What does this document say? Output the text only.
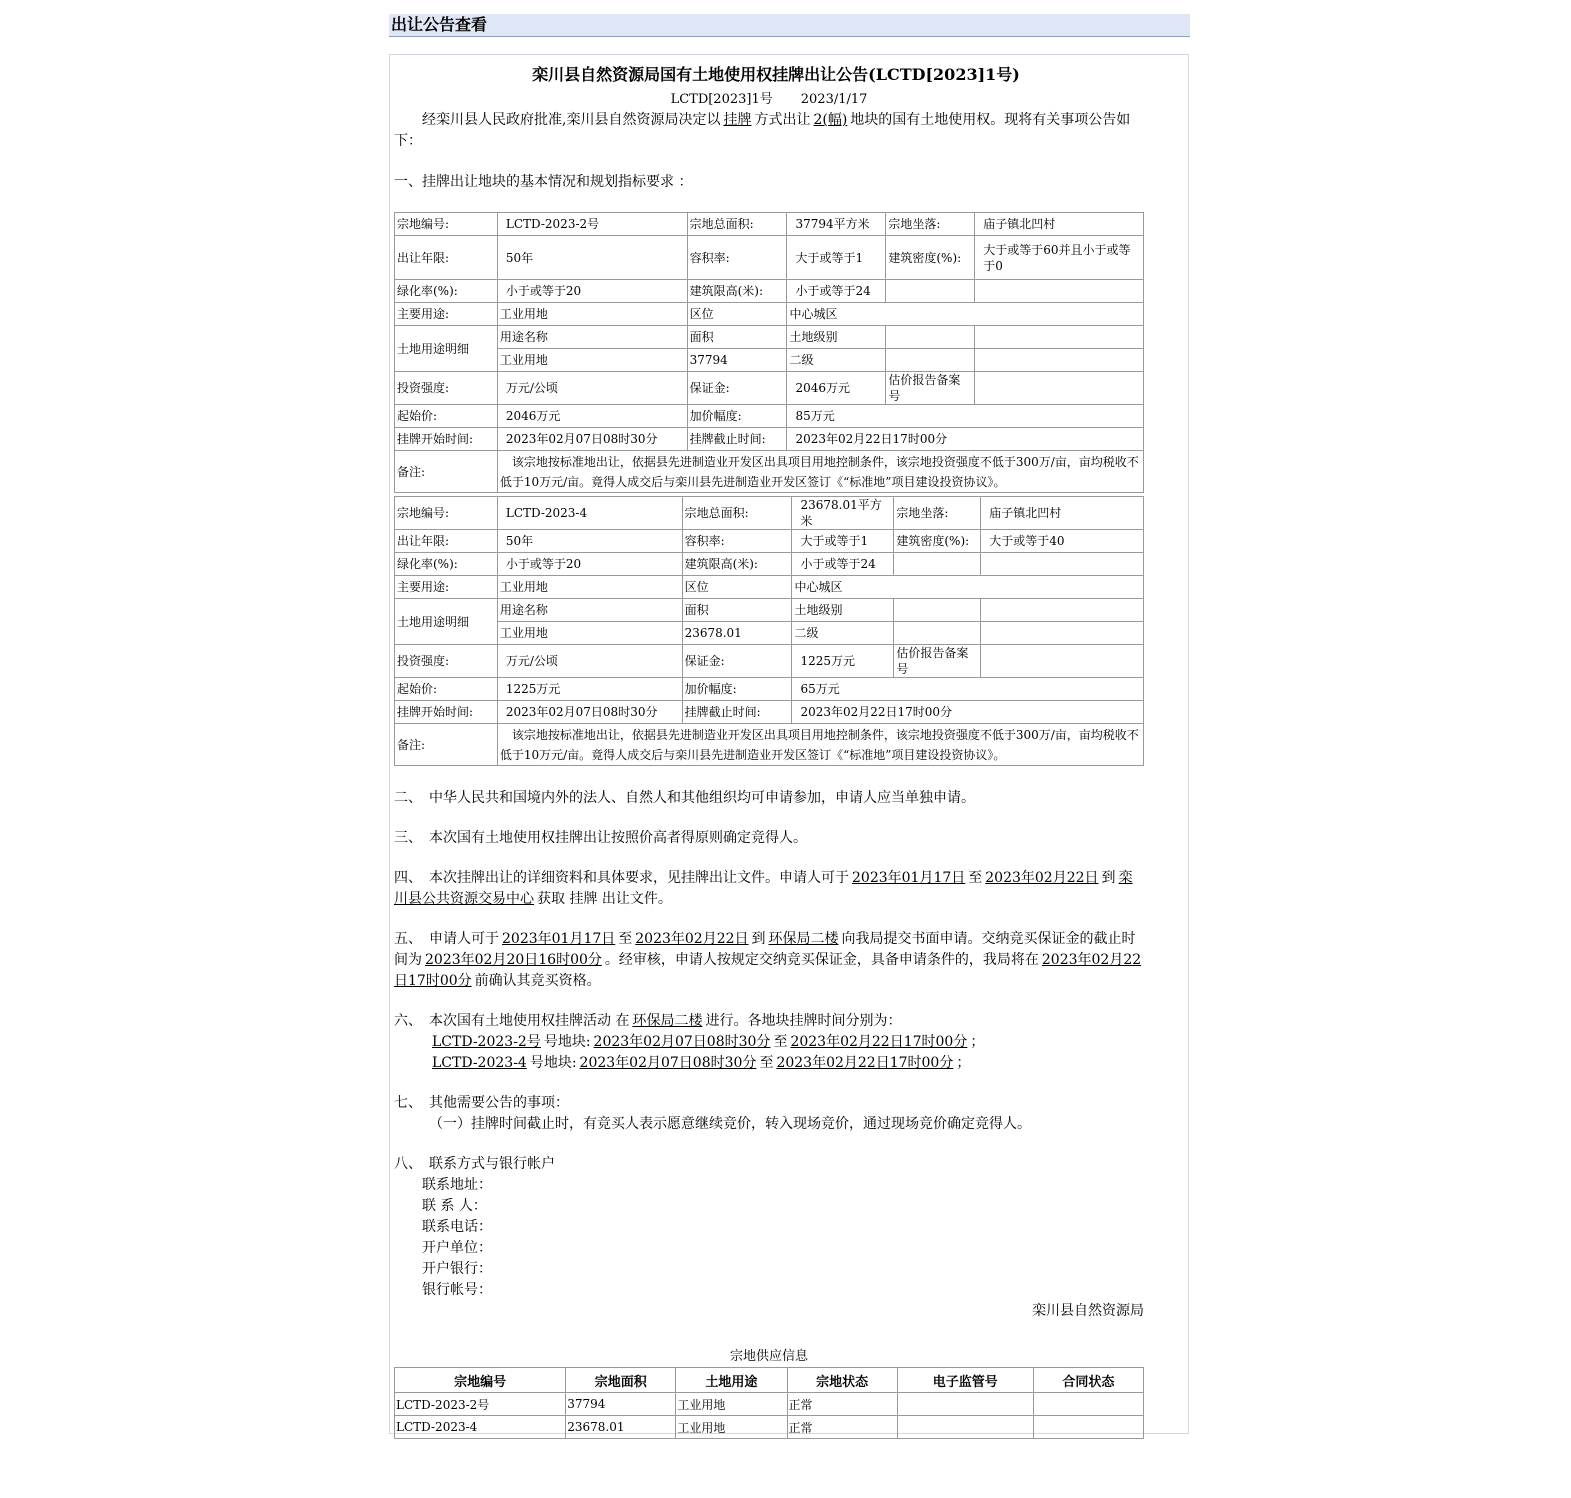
出让公告查看
栾川县自然资源局国有土地使用权挂牌出让公告(LCTD[2023]1号)
LCTD[2023]1号 2023/1/17

经栾川县人民政府批准,栾川县自然资源局决定以 挂牌 方式出让 2(幅) 地块的国有土地使用权。现将有关事项公告如下：

一、挂牌出让地块的基本情况和规划指标要求 ：

宗地编号:	LCTD-2023-2号	宗地总面积:	37794平方米	宗地坐落:	庙子镇北凹村
出让年限:	50年	容积率:	大于或等于1	建筑密度(%):	大于或等于60并且小于或等于0
绿化率(%):	小于或等于20	建筑限高(米):	小于或等于24		
主要用途:	工业用地	区位	中心城区		
土地用途明细	用途名称	面积	土地级别		
	工业用地	37794	二级		
投资强度:	万元/公顷	保证金:	2046万元	估价报告备案号	
起始价:	2046万元	加价幅度:	85万元		
挂牌开始时间:	2023年02月07日08时30分	挂牌截止时间:	2023年02月22日17时00分		
备注:	该宗地按标准地出让，依据县先进制造业开发区出具项目用地控制条件，该宗地投资强度不低于300万/亩，亩均税收不低于10万元/亩。竟得人成交后与栾川县先进制造业开发区签订《“标准地”项目建设投资协议》。				
宗地编号:	LCTD-2023-4	宗地总面积:	23678.01平方米	宗地坐落:	庙子镇北凹村
出让年限:	50年	容积率:	大于或等于1	建筑密度(%):	大于或等于40
绿化率(%):	小于或等于20	建筑限高(米):	小于或等于24		
主要用途:	工业用地	区位	中心城区		
土地用途明细	用途名称	面积	土地级别		
	工业用地	23678.01	二级		
投资强度:	万元/公顷	保证金:	1225万元	估价报告备案号	
起始价:	1225万元	加价幅度:	65万元		
挂牌开始时间:	2023年02月07日08时30分	挂牌截止时间:	2023年02月22日17时00分		
备注:	该宗地按标准地出让，依据县先进制造业开发区出具项目用地控制条件，该宗地投资强度不低于300万/亩，亩均税收不低于10万元/亩。竟得人成交后与栾川县先进制造业开发区签订《“标准地”项目建设投资协议》。				

二、　中华人民共和国境内外的法人、自然人和其他组织均可申请参加，申请人应当单独申请。

三、　本次国有土地使用权挂牌出让按照价高者得原则确定竞得人。

四、　本次挂牌出让的详细资料和具体要求，见挂牌出让文件。申请人可于 2023年01月17日 至 2023年02月22日 到 栾川县公共资源交易中心 获取 挂牌 出让文件。

五、　申请人可于 2023年01月17日 至 2023年02月22日 到 环保局二楼 向我局提交书面申请。交纳竞买保证金的截止时间为 2023年02月20日16时00分 。经审核，申请人按规定交纳竞买保证金，具备申请条件的，我局将在 2023年02月22日17时00分 前确认其竞买资格。

六、　本次国有土地使用权挂牌活动 在 环保局二楼 进行。各地块挂牌时间分别为：

LCTD-2023-2号 号地块: 2023年02月07日08时30分 至 2023年02月22日17时00分 ；

LCTD-2023-4 号地块: 2023年02月07日08时30分 至 2023年02月22日17时00分 ；

七、　其他需要公告的事项：

（一）挂牌时间截止时，有竞买人表示愿意继续竞价，转入现场竞价，通过现场竞价确定竞得人。

八、　联系方式与银行帐户

联系地址：

联 系 人：

联系电话：

开户单位：

开户银行：

银行帐号：

栾川县自然资源局
宗地供应信息
宗地编号	宗地面积	土地用途	宗地状态	电子监管号	合同状态
LCTD-2023-2号	37794	工业用地	正常		
LCTD-2023-4	23678.01	工业用地	正常		
